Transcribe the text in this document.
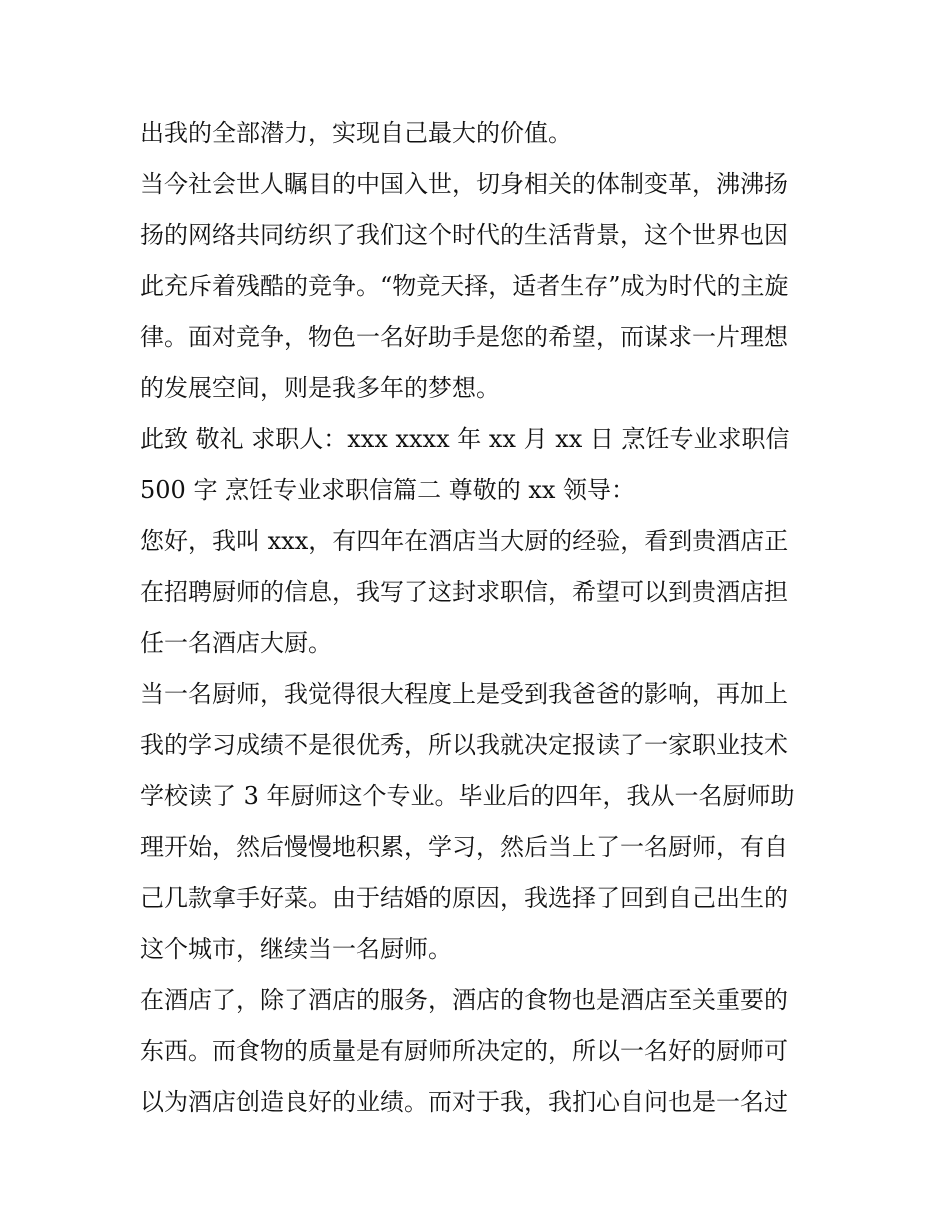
出我的全部潜力，实现自己最大的价值。
当今社会世人瞩目的中国入世，切身相关的体制变革，沸沸扬
扬的网络共同纺织了我们这个时代的生活背景，这个世界也因
此充斥着残酷的竞争。“物竞天择，适者生存”成为时代的主旋
律。面对竞争，物色一名好助手是您的希望，而谋求一片理想
的发展空间，则是我多年的梦想。
此致 敬礼 求职人：xxx xxxx 年 xx 月 xx 日 烹饪专业求职信
500 字 烹饪专业求职信篇二 尊敬的 xx 领导：
您好，我叫 xxx，有四年在酒店当大厨的经验，看到贵酒店正
在招聘厨师的信息，我写了这封求职信，希望可以到贵酒店担
任一名酒店大厨。
当一名厨师，我觉得很大程度上是受到我爸爸的影响，再加上
我的学习成绩不是很优秀，所以我就决定报读了一家职业技术
学校读了 3 年厨师这个专业。毕业后的四年，我从一名厨师助
理开始，然后慢慢地积累，学习，然后当上了一名厨师，有自
己几款拿手好菜。由于结婚的原因，我选择了回到自己出生的
这个城市，继续当一名厨师。
在酒店了，除了酒店的服务，酒店的食物也是酒店至关重要的
东西。而食物的质量是有厨师所决定的，所以一名好的厨师可
以为酒店创造良好的业绩。而对于我，我扪心自问也是一名过
